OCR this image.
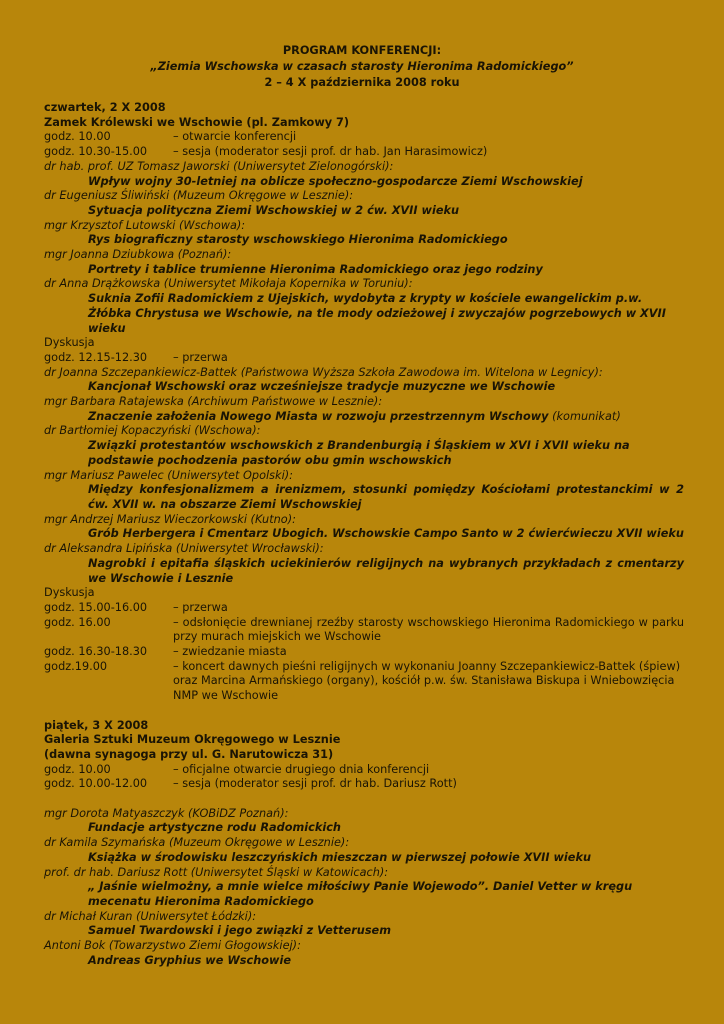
PROGRAM KONFERENCJI:
„Ziemia Wschowska w czasach starosty Hieronima Radomickiego”
2 – 4 X października 2008 roku
czwartek, 2 X 2008
Zamek Królewski we Wschowie (pl. Zamkowy 7)
godz. 10.00	– otwarcie konferencji
godz. 10.30-15.00	– sesja (moderator sesji prof. dr hab. Jan Harasimowicz)
dr hab. prof. UZ Tomasz Jaworski (Uniwersytet Zielonogórski):
Wpływ wojny 30-letniej na oblicze społeczno-gospodarcze Ziemi Wschowskiej
dr Eugeniusz Śliwiński (Muzeum Okręgowe w Lesznie):
Sytuacja polityczna Ziemi Wschowskiej w 2 ćw. XVII wieku
mgr Krzysztof Lutowski (Wschowa):
Rys biograficzny starosty wschowskiego Hieronima Radomickiego
mgr Joanna Dziubkowa (Poznań):
Portrety i tablice trumienne Hieronima Radomickiego oraz jego rodziny
dr Anna Drążkowska (Uniwersytet Mikołaja Kopernika w Toruniu):
Suknia Zofii Radomickiem z Ujejskich, wydobyta z krypty w kościele ewangelickim p.w. Żłóbka Chrystusa we Wschowie, na tle mody odzieżowej i zwyczajów pogrzebowych w XVII wieku
Dyskusja
godz. 12.15-12.30	– przerwa
dr Joanna Szczepankiewicz-Battek (Państwowa Wyższa Szkoła Zawodowa im. Witelona w Legnicy):
Kancjonał Wschowski oraz wcześniejsze tradycje muzyczne we Wschowie
mgr Barbara Ratajewska (Archiwum Państwowe w Lesznie):
Znaczenie założenia Nowego Miasta w rozwoju przestrzennym Wschowy (komunikat)
dr Bartłomiej Kopaczyński (Wschowa):
Związki protestantów wschowskich z Brandenburgią i Śląskiem w XVI i XVII wieku na podstawie pochodzenia pastorów obu gmin wschowskich
mgr Mariusz Pawelec (Uniwersytet Opolski):
Między konfesjonalizmem a irenizmem, stosunki pomiędzy Kościołami protestanckimi w 2 ćw. XVII w. na obszarze Ziemi Wschowskiej
mgr Andrzej Mariusz Wieczorkowski (Kutno):
Grób Herbergera i Cmentarz Ubogich. Wschowskie Campo Santo w 2 ćwierćwieczu XVII wieku
dr Aleksandra Lipińska (Uniwersytet Wrocławski):
Nagrobki i epitafia śląskich uciekinierów religijnych na wybranych przykładach z cmentarzy we Wschowie i Lesznie
Dyskusja
godz. 15.00-16.00	– przerwa
godz. 16.00	– odsłonięcie drewnianej rzeźby starosty wschowskiego Hieronima Radomickiego w parku przy murach miejskich we Wschowie
godz. 16.30-18.30	– zwiedzanie miasta
godz.19.00	– koncert dawnych pieśni religijnych w wykonaniu Joanny Szczepankiewicz-Battek (śpiew) oraz Marcina Armańskiego (organy), kościół p.w. św. Stanisława Biskupa i Wniebowzięcia NMP we Wschowie
piątek, 3 X 2008
Galeria Sztuki Muzeum Okręgowego w Lesznie
(dawna synagoga przy ul. G. Narutowicza 31)
godz. 10.00	– oficjalne otwarcie drugiego dnia konferencji
godz. 10.00-12.00	– sesja (moderator sesji prof. dr hab. Dariusz Rott)
mgr Dorota Matyaszczyk (KOBiDZ Poznań):
Fundacje artystyczne rodu Radomickich
dr Kamila Szymańska (Muzeum Okręgowe w Lesznie):
Książka w środowisku leszczyńskich mieszczan w pierwszej połowie XVII wieku
prof. dr hab. Dariusz Rott (Uniwersytet Śląski w Katowicach):
„ Jaśnie wielmożny, a mnie wielce miłościwy Panie Wojewodo”. Daniel Vetter w kręgu mecenatu Hieronima Radomickiego
dr Michał Kuran (Uniwersytet Łódzki):
Samuel Twardowski i jego związki z Vetterusem
Antoni Bok (Towarzystwo Ziemi Głogowskiej):
Andreas Gryphius we Wschowie
